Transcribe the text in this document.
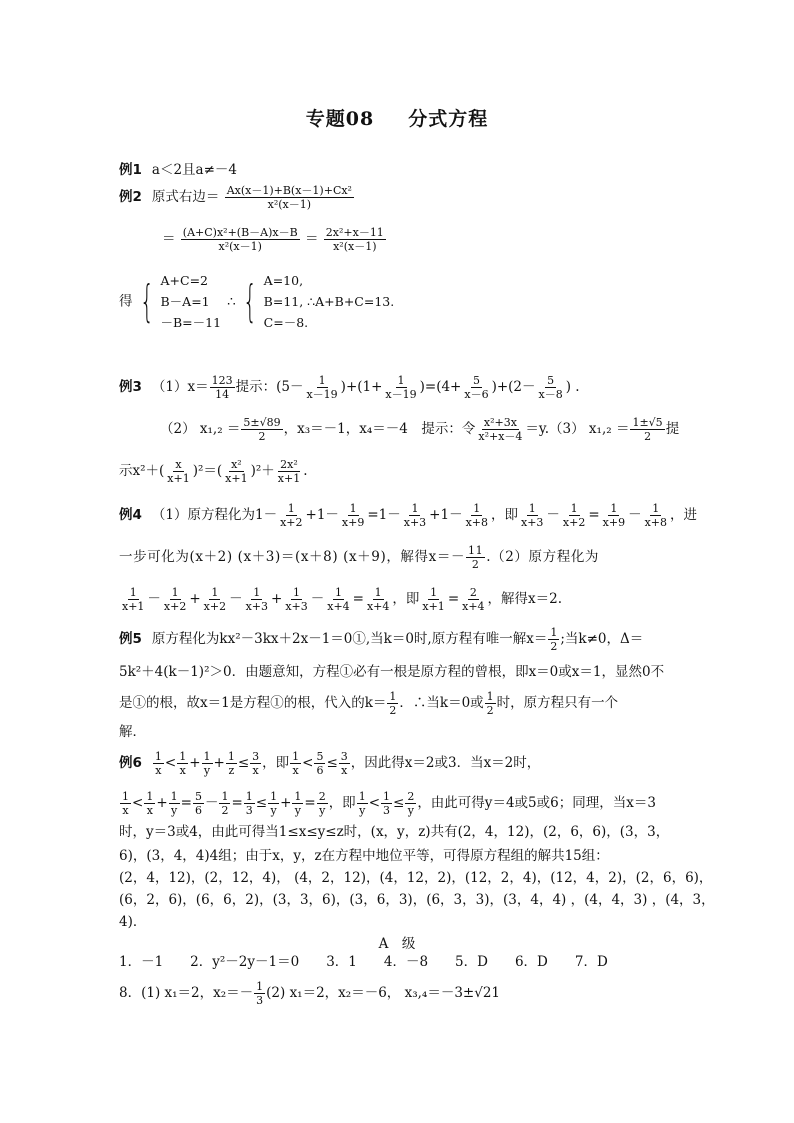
专题08 分式方程
例1 a＜2且a≠－4
例2 原式右边＝ $\frac{\text{Ax(x－1)+B(x－1)+Cx²}}{\text{x²(x－1)}}$
＝ $\frac{\text{(A+C)x²+(B－A)x－B}}{\text{x²(x－1)}} = \frac{\text{2x²+x－11}}{\text{x²(x－1)}}$
得 { A+C=2
B－A=1
－B=－11
∴ { A=10,
B=11, ∴A+B+C=13.
C=－8.
例3 $(1)x= \frac{123}{14}$ 提示：$(5- \frac{1}{x-19} )+(1+ \frac{1}{x-19} )=(4+ \frac{5}{x-6} )+(2- \frac{5}{x-8}$ ) .
（2） $x_1,_2 = \frac{5\pm√89}{2}$ ，x₃＝－1，x₄＝－4　提示：令 $\frac{\text{x²+3x}}{\text{x²+x－4}} =y.(3) x_1,_2 = \frac{1\pm√5}{2}$ 提
示$x^2+( \frac{x}{x+1} )^2=( \frac{\text{x²}}{x+1} )^2+ \frac{\text{2x²}}{x+1}$ .
例4 （1）原方程化为$1- \frac{1}{x+2} +1- \frac{1}{x+9} =1- \frac{1}{x+3} +1- \frac{1}{x+8}$ ，即 $\frac{1}{x+3} - \frac{1}{x+2} = \frac{1}{x+9} - \frac{1}{x+8}$ ，进
一步可化为(x＋2) (x＋3)＝(x＋8) (x＋9)，解得$x=- \frac{11}{2} .(2)$原方程化为
$\frac{1}{x+1} - \frac{1}{x+2} + \frac{1}{x+2} - \frac{1}{x+3} + \frac{1}{x+3} - \frac{1}{x+4} = \frac{1}{x+4}$ ，即 $\frac{1}{x+1} = \frac{2}{x+4}$ ，解得x＝2.
例5 原方程化为kx²－3kx＋2x－1＝0①,当k＝0时,原方程有唯一解$x= \frac{1}{2}$ ;当k≠0，Δ＝
5k²＋4(k－1)²＞0．由题意知，方程①必有一根是原方程的曾根，即x＝0或x＝1，显然0不
是①的根，故x＝1是方程①的根，代入的$k= \frac{1}{2}$ ．∴当k＝0或 $\frac{1}{2}$ 时，原方程只有一个
解．
例$6 \frac{1}{x} < \frac{1}{x} + \frac{1}{y} + \frac{1}{z} \le \frac{3}{x}$ ，即 $\frac{1}{x} < \frac{5}{6} \le \frac{3}{x}$ ，因此得x＝2或3．当x＝2时，
$\frac{1}{x} < \frac{1}{x} + \frac{1}{y} = \frac{5}{6} - \frac{1}{2} = \frac{1}{3} \le \frac{1}{y} + \frac{1}{y} = \frac{2}{y}$ ，即 $\frac{1}{y} < \frac{1}{3} \le \frac{2}{y}$ ，由此可得y＝4或5或6；同理，当x＝3
时，y＝3或4，由此可得当1≤x≤y≤z时，(x，y，z)共有(2，4，12)，(2，6，6)，(3，3，
6)，(3，4，4)4组；由于x，y，z在方程中地位平等，可得原方程组的解共15组：
(2，4，12)，(2，12，4)， (4，2，12)，(4，12，2)，(12，2，4)，(12，4，2)，(2，6，6)，
(6，2，6)，(6，6，2)，(3，3，6)，(3，6，3)，(6，3，3)，(3，4，4) ，(4，4，3) ，(4，3，
4)．
A　级
1．－1　　2．y²－2y－1＝0　　3．1　　4．－8　　5．D　　6．D　　7．D
8．(1) x₁＝2，$x_2=- \frac{1}{3} (2)$ x₁＝2，x₂＝－6， x₃,₄＝－3±√21
